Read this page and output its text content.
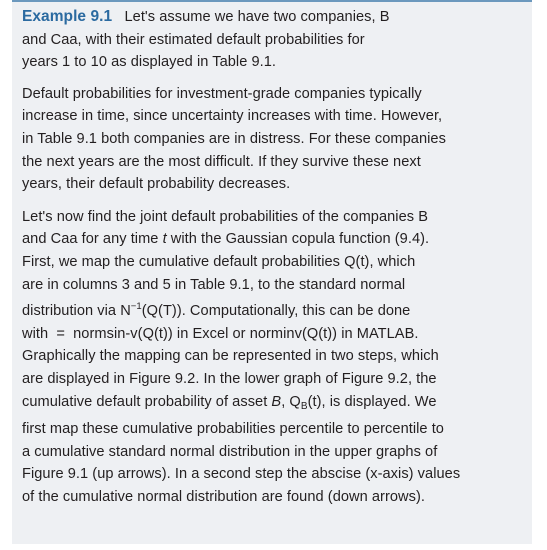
Example 9.1 Let's assume we have two companies, B
and Caa, with their estimated default probabilities for
years 1 to 10 as displayed in Table 9.1.

Default probabilities for investment-grade companies typically
increase in time, since uncertainty increases with time. However,
in Table 9.1 both companies are in distress. For these companies
the next years are the most difficult. If they survive these next
years, their default probability decreases.

Let's now find the joint default probabilities of the companies B
and Caa for any time t with the Gaussian copula function (9.4).
First, we map the cumulative default probabilities Q(t), which
are in columns 3 and 5 in Table 9.1, to the standard normal
distribution via $N^{-1}(Q(T))$. Computationally, this can be done
with  =  normsin-v(Q(t)) in Excel or norminv(Q(t)) in MATLAB.
Graphically the mapping can be represented in two steps, which
are displayed in Figure 9.2. In the lower graph of Figure 9.2, the
cumulative default probability of asset B, $Q_B(t)$, is displayed. We
first map these cumulative probabilities percentile to percentile to
a cumulative standard normal distribution in the upper graphs of
Figure 9.1 (up arrows). In a second step the abscise (x-axis) values
of the cumulative normal distribution are found (down arrows).
